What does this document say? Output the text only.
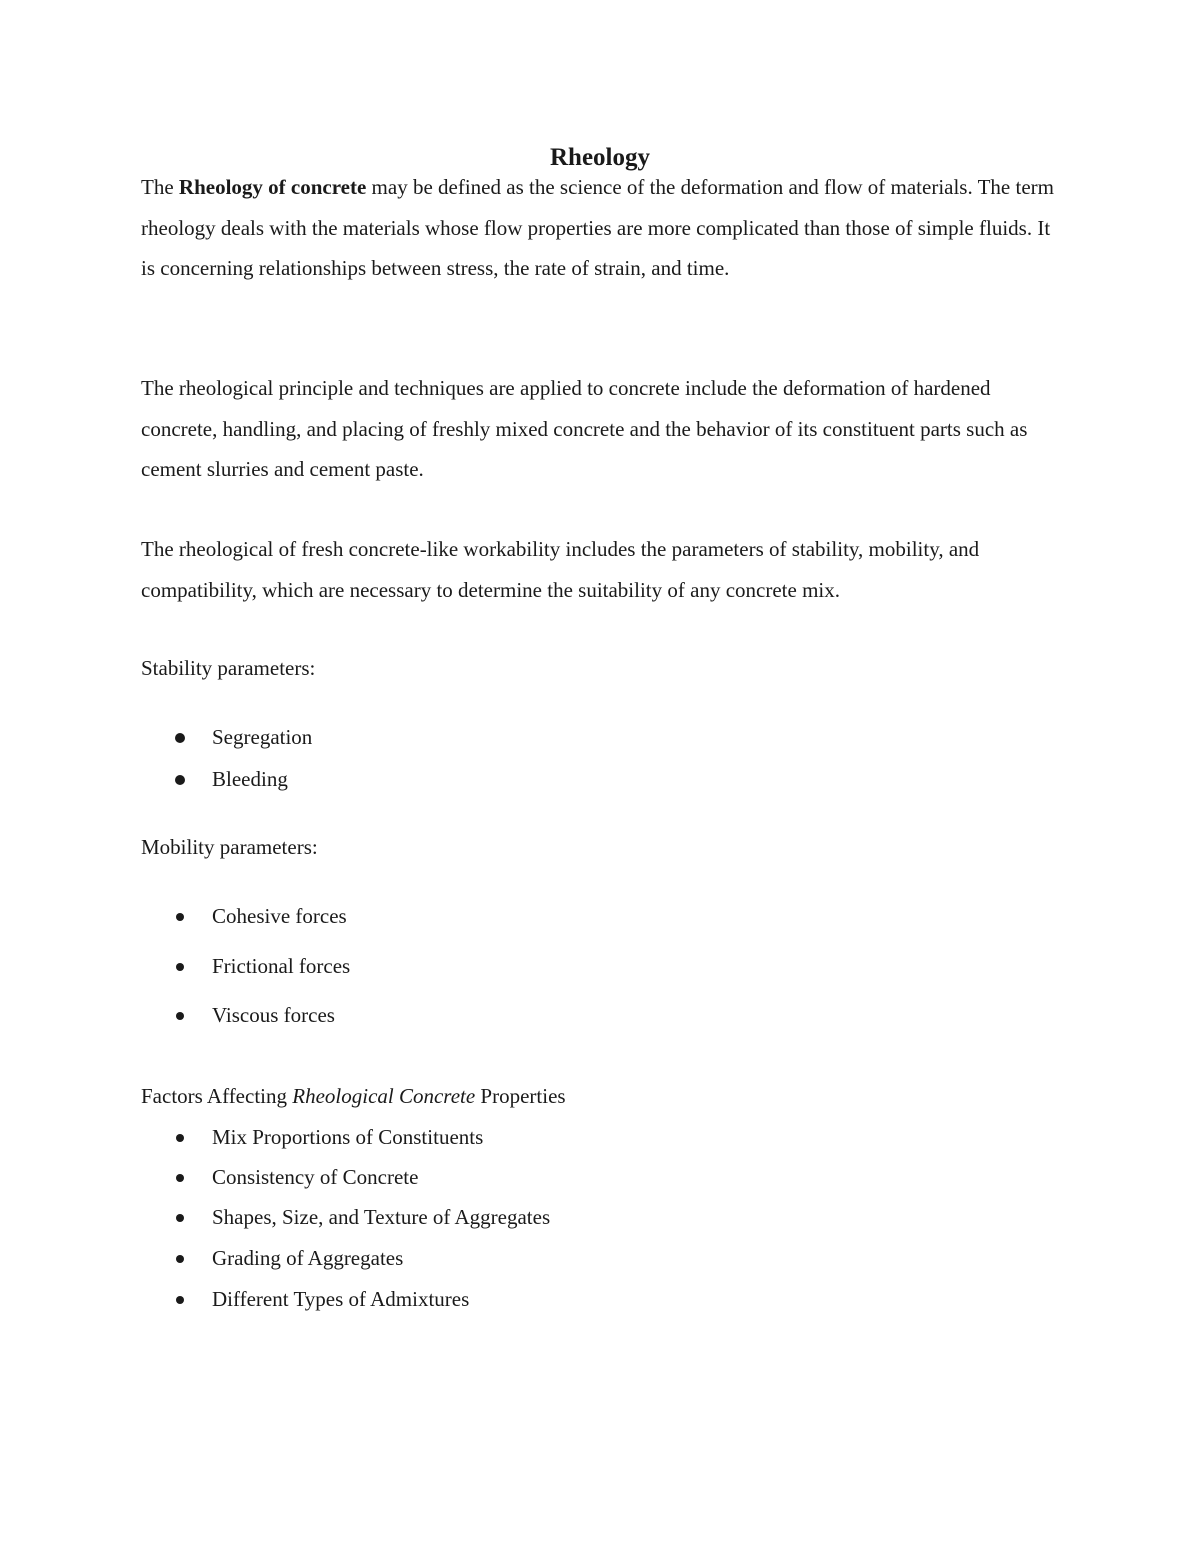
Rheology

The Rheology of concrete may be defined as the science of the deformation and flow of materials. The term rheology deals with the materials whose flow properties are more complicated than those of simple fluids. It is concerning relationships between stress, the rate of strain, and time.

The rheological principle and techniques are applied to concrete include the deformation of hardened concrete, handling, and placing of freshly mixed concrete and the behavior of its constituent parts such as cement slurries and cement paste.

The rheological of fresh concrete-like workability includes the parameters of stability, mobility, and compatibility, which are necessary to determine the suitability of any concrete mix.

Stability parameters:

Segregation
Bleeding

Mobility parameters:

Cohesive forces
Frictional forces
Viscous forces

Factors Affecting Rheological Concrete Properties

Mix Proportions of Constituents
Consistency of Concrete
Shapes, Size, and Texture of Aggregates
Grading of Aggregates
Different Types of Admixtures
